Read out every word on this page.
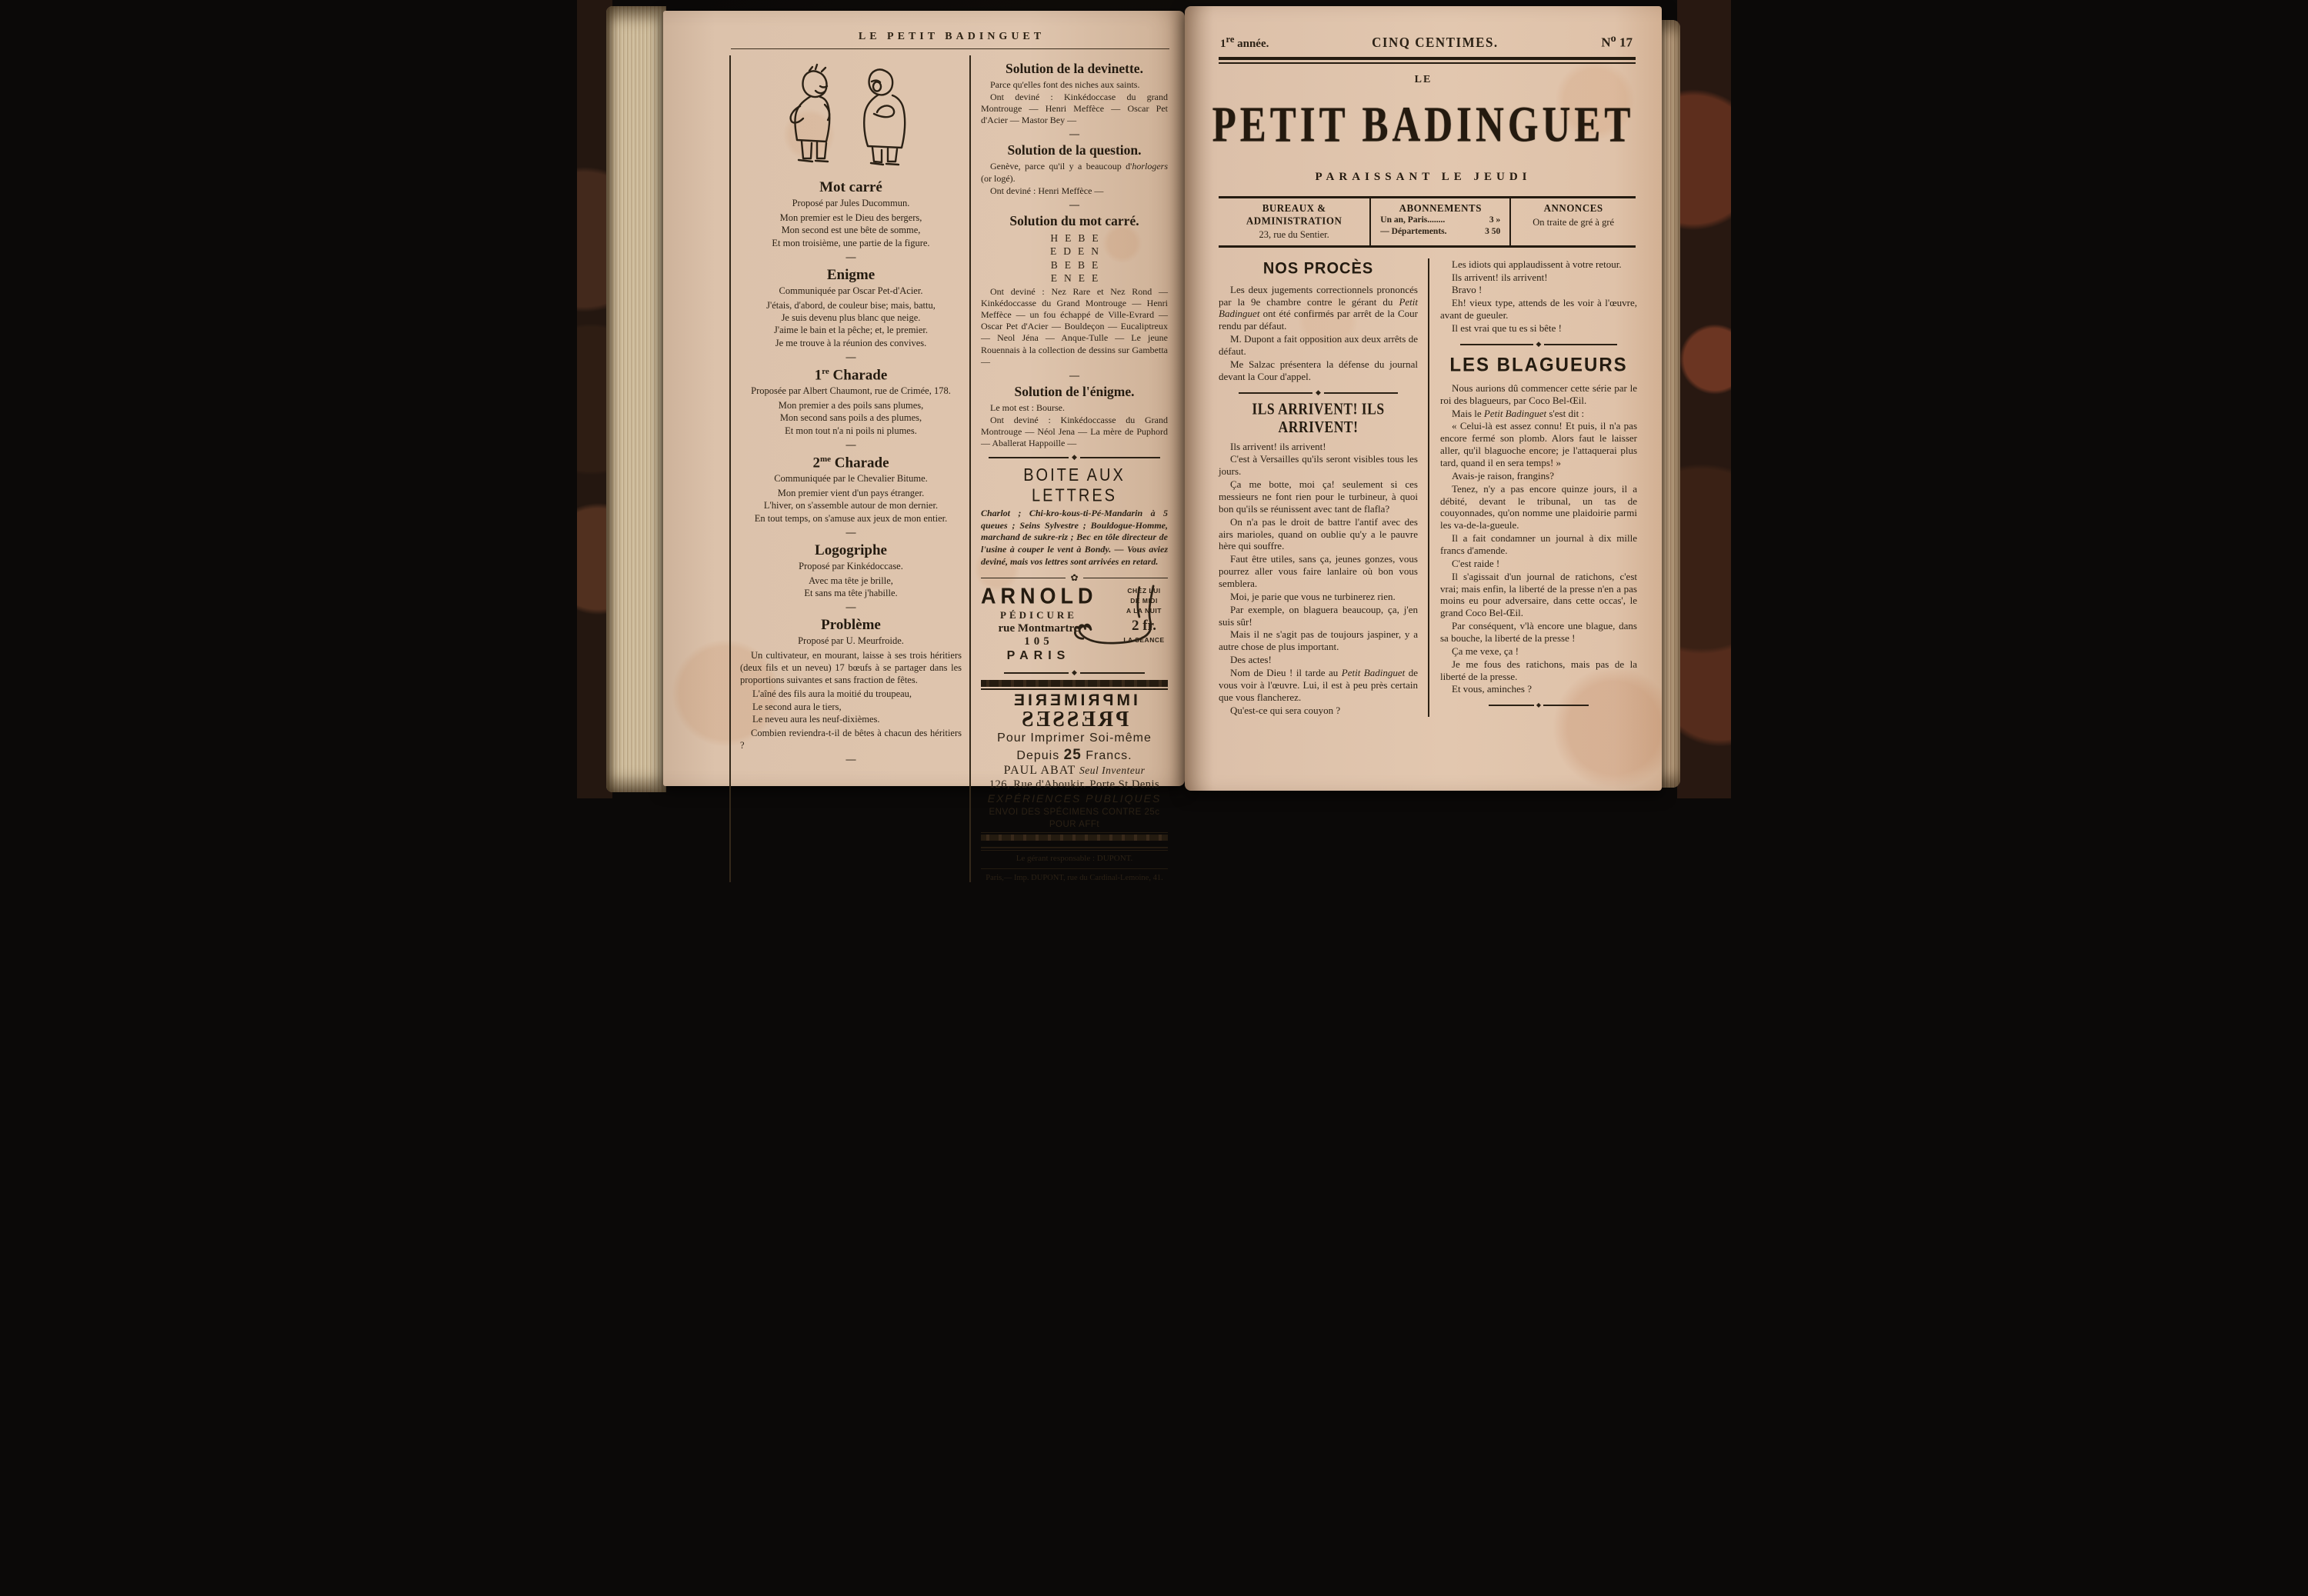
LE PETIT BADINGUET
Mot carré
Proposé par Jules Ducommun.
Mon premier est le Dieu des bergers,
Mon second est une bête de somme,
Et mon troisième, une partie de la figure.
—
Enigme
Communiquée par Oscar Pet-d'Acier.
J'étais, d'abord, de couleur bise; mais, battu,
Je suis devenu plus blanc que neige.
J'aime le bain et la pêche; et, le premier.
Je me trouve à la réunion des convives.
—
1re Charade
Proposée par Albert Chaumont, rue de Crimée, 178.
Mon premier a des poils sans plumes,
Mon second sans poils a des plumes,
Et mon tout n'a ni poils ni plumes.
—
$2^{me}$ Charade
Communiquée par le Chevalier Bitume.
Mon premier vient d'un pays étranger.
L'hiver, on s'assemble autour de mon dernier.
En tout temps, on s'amuse aux jeux de mon entier.
—
Logogriphe
Proposé par Kinkédoccase.
Avec ma tête je brille,
Et sans ma tête j'habille.
—
Problème
Proposé par U. Meurfroide.

Un cultivateur, en mourant, laisse à ses trois héritiers (deux fils et un neveu) 17 bœufs à se partager dans les proportions suivantes et sans fraction de fêtes.

L'aîné des fils aura la moitié du troupeau,
Le second aura le tiers,
Le neveu aura les neuf-dixièmes.

Combien reviendra-t-il de bêtes à chacun des héritiers ?

—
Solution de la devinette.

Parce qu'elles font des niches aux saints.

Ont deviné : Kinkédoccase du grand Montrouge — Henri Meffèce — Oscar Pet d'Acier — Mastor Bey —

—
Solution de la question.

Genève, parce qu'il y a beaucoup d'horlogers (or logé).

Ont deviné : Henri Meffèce —

—
Solution du mot carré.
HEBE
EDEN
BEBE
ENEE

Ont deviné : Nez Rare et Nez Rond — Kinkédoccasse du Grand Montrouge — Henri Meffèce — un fou échappé de Ville-Evrard — Oscar Pet d'Acier — Bouldeçon — Eucaliptreux — Neol Jéna — Anque-Tulle — Le jeune Rouennais à la collection de dessins sur Gambetta —

—
Solution de l'énigme.

Le mot est : Bourse.

Ont deviné : Kinkédoccasse du Grand Montrouge — Néol Jena — La mère de Puphord — Aballerat Happoille —

◆
BOITE AUX LETTRES

Charlot ; Chi-kro-kous-ti-Pé-Mandarin à 5 queues ; Seins Sylvestre ; Bouldogue-Homme, marchand de sukre-riz ; Bec en tôle directeur de l'usine à couper le vent à Bondy. — Vous aviez deviné, mais vos lettres sont arrivées en retard.

✿
ARNOLD
PÉDICURE
rue Montmartre
105
PARIS
CHEZ LUI
DE MIDI
A LA NUIT
2 fr.
LA SÉANCE
◆
IMPRIMERIE
PRESSES
Pour Imprimer Soi-même
Depuis 25 Francs.
PAUL ABAT Seul Inventeur
126, Rue d'Aboukir. Porte St Denis
EXPÉRIENCES PUBLIQUES
ENVOI DES SPÉCIMENS CONTRE 25c POUR AFFt
Le gérant responsable : DUPONT.
Paris,— Imp. DUPONT, rue du Cardinal-Lemoine, 41.
1re année.	CINQ CENTIMES.	$N^o$ 17
LE
PETIT BADINGUET
PARAISSANT LE JEUDI
BUREAUX & ADMINISTRATION
23, rue du Sentier.
ABONNEMENTS
Un an, Paris........	3 »
— Départements.	3 50
ANNONCES
On traite de gré à gré
NOS PROCÈS

Les deux jugements correctionnels prononcés par la 9e chambre contre le gérant du Petit Badinguet ont été confirmés par arrêt de la Cour rendu par défaut.

M. Dupont a fait opposition aux deux arrêts de défaut.

Me Salzac présentera la défense du journal devant la Cour d'appel.

◆
ILS ARRIVENT! ILS ARRIVENT!

Ils arrivent! ils arrivent!

C'est à Versailles qu'ils seront visibles tous les jours.

Ça me botte, moi ça! seulement si ces messieurs ne font rien pour le turbineur, à quoi bon qu'ils se réunissent avec tant de flafla?

On n'a pas le droit de battre l'antif avec des airs marioles, quand on oublie qu'y a le pauvre hère qui souffre.

Faut être utiles, sans ça, jeunes gonzes, vous pourrez aller vous faire lanlaire où bon vous semblera.

Moi, je parie que vous ne turbinerez rien.

Par exemple, on blaguera beaucoup, ça, j'en suis sûr!

Mais il ne s'agit pas de toujours jaspiner, y a autre chose de plus important.

Des actes!

Nom de Dieu ! il tarde au Petit Badinguet de vous voir à l'œuvre. Lui, il est à peu près certain que vous flancherez.

Qu'est-ce qui sera couyon ?

Les idiots qui applaudissent à votre retour.

Ils arrivent! ils arrivent!

Bravo !

Eh! vieux type, attends de les voir à l'œuvre, avant de gueuler.

Il est vrai que tu es si bête !

◆
LES BLAGUEURS

Nous aurions dû commencer cette série par le roi des blagueurs, par Coco Bel-Œil.

Mais le Petit Badinguet s'est dit :

« Celui-là est assez connu! Et puis, il n'a pas encore fermé son plomb. Alors faut le laisser aller, qu'il blaguoche encore; je l'attaquerai plus tard, quand il en sera temps! »

Avais-je raison, frangins?

Tenez, n'y a pas encore quinze jours, il a débité, devant le tribunal, un tas de couyonnades, qu'on nomme une plaidoirie parmi les va-de-la-gueule.

Il a fait condamner un journal à dix mille francs d'amende.

C'est raide !

Il s'agissait d'un journal de ratichons, c'est vrai; mais enfin, la liberté de la presse n'en a pas moins eu pour adversaire, dans cette occas', le grand Coco Bel-Œil.

Par conséquent, v'là encore une blague, dans sa bouche, la liberté de la presse !

Ça me vexe, ça !

Je me fous des ratichons, mais pas de la liberté de la presse.

Et vous, aminches ?

◆
